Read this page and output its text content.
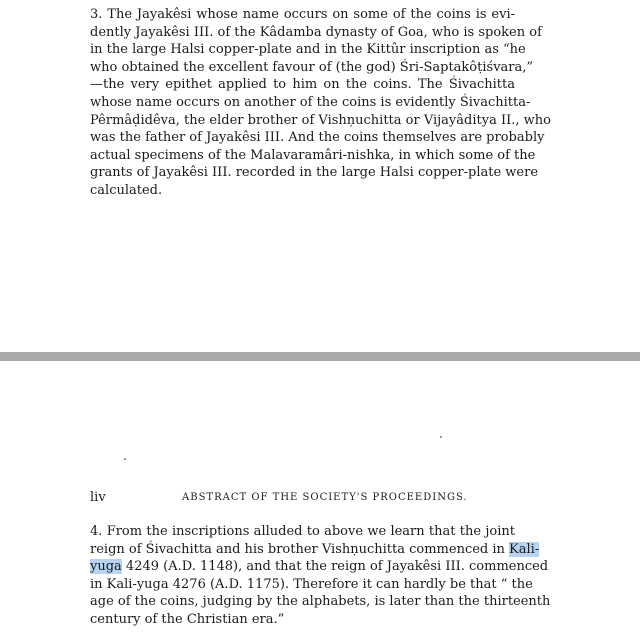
3. The Jayakêsi whose name occurs on some of the coins is evi-
dently Jayakêsi III. of the Kâdamba dynasty of Goa, who is spoken of
in the large Halsi copper-plate and in the Kittûr inscription as “he
who obtained the excellent favour of (the god) Śri-Saptakôṭiśvara,”
—the very epithet applied to him on the coins. The Śivachitta
whose name occurs on another of the coins is evidently Śivachitta-
Pêrmâḍidêva, the elder brother of Vishṇuchitta or Vijayâditya II., who
was the father of Jayakêsi III. And the coins themselves are probably
actual specimens of the Malavaramâri-nishka, in which some of the
grants of Jayakêsi III. recorded in the large Halsi copper-plate were
calculated.
liv	ABSTRACT OF THE SOCIETY'S PROCEEDINGS.
4. From the inscriptions alluded to above we learn that the joint
reign of Śivachitta and his brother Vishṇuchitta commenced in Kali-
yuga 4249 (A.D. 1148), and that the reign of Jayakêsi III. commenced
in Kali-yuga 4276 (A.D. 1175). Therefore it can hardly be that “ the
age of the coins, judging by the alphabets, is later than the thirteenth
century of the Christian era.”
